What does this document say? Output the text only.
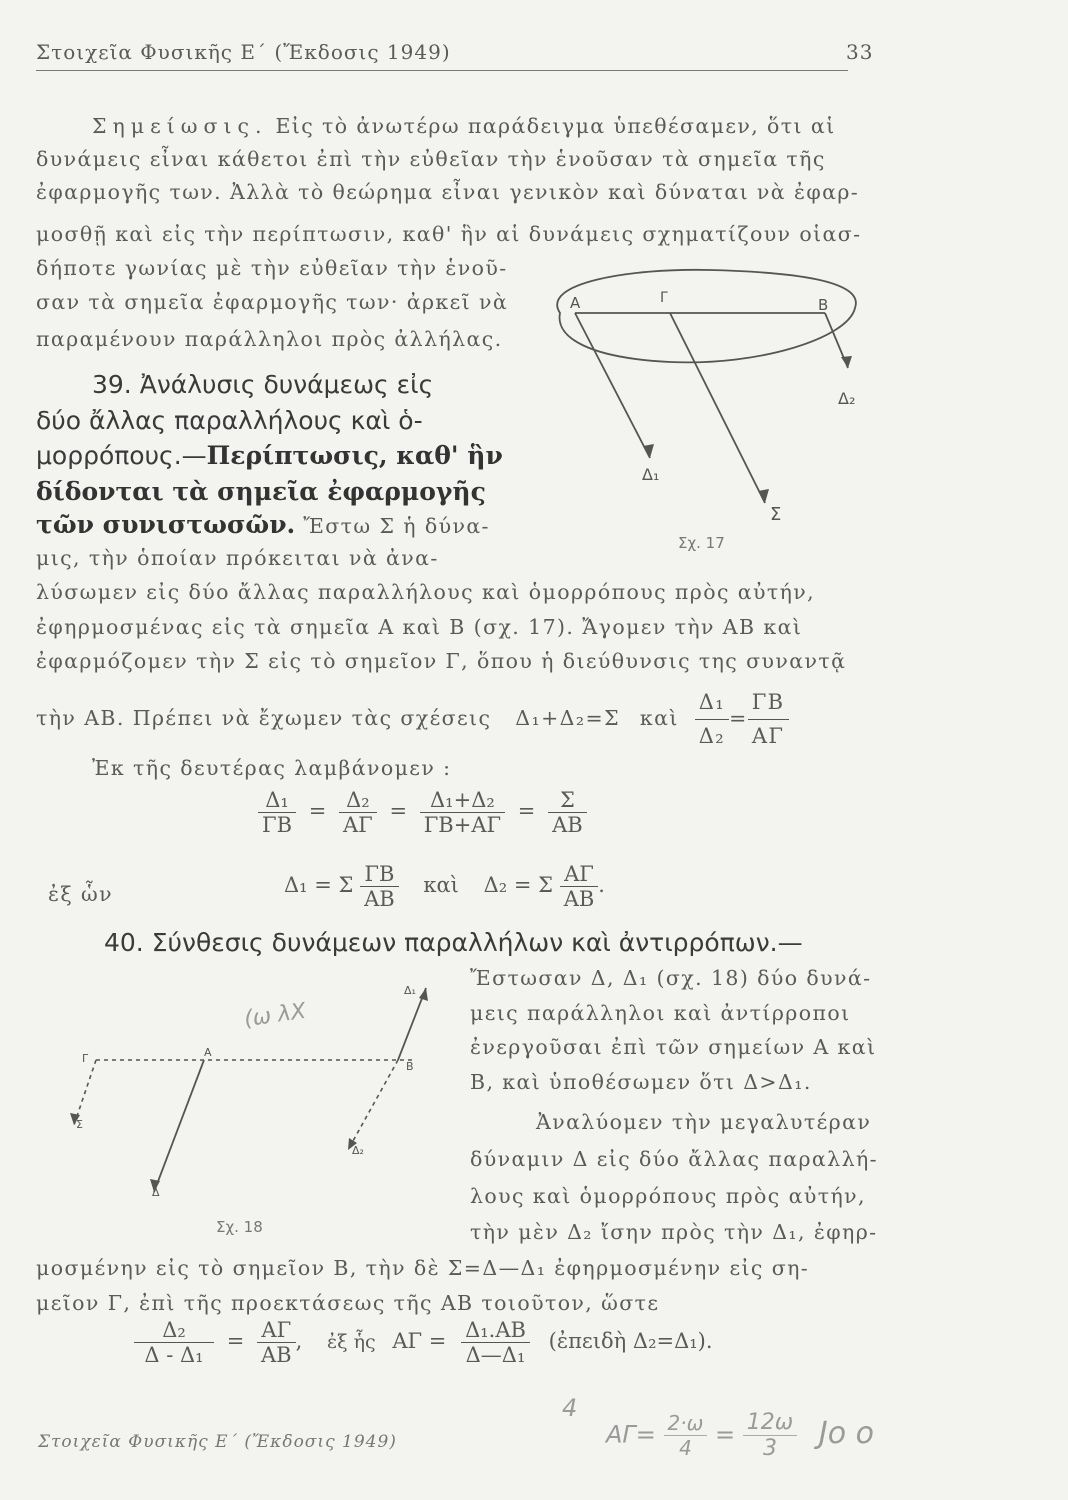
Στοιχεῖα Φυσικῆς Ε΄ (Ἔκδοσις 1949)	33
Σημείωσις. Εἰς τὸ ἀνωτέρω παράδειγμα ὑπεθέσαμεν, ὅτι αἱ
δυνάμεις εἶναι κάθετοι ἐπὶ τὴν εὐθεῖαν τὴν ἑνοῦσαν τὰ σημεῖα τῆς
ἐφαρμογῆς των. Ἀλλὰ τὸ θεώρημα εἶναι γενικὸν καὶ δύναται νὰ ἐφαρ-
μοσθῇ καὶ εἰς τὴν περίπτωσιν, καθ' ἣν αἱ δυνάμεις σχηματίζουν οἱασ-
δήποτε γωνίας μὲ τὴν εὐθεῖαν τὴν ἑνοῦ-
σαν τὰ σημεῖα ἐφαρμογῆς των· ἀρκεῖ νὰ
παραμένουν παράλληλοι πρὸς ἀλλήλας.
39. Ἀνάλυσις δυνάμεως εἰς
δύο ἄλλας παραλλήλους καὶ ὁ-
μορρόπους.—Περίπτωσις, καθ' ἣν
δίδονται τὰ σημεῖα ἐφαρμογῆς
τῶν συνιστωσῶν. Ἔστω Σ ἡ δύνα-
μις, τὴν ὁποίαν πρόκειται νὰ ἀνα-
λύσωμεν εἰς δύο ἄλλας παραλλήλους καὶ ὁμορρόπους πρὸς αὐτήν,
ἐφηρμοσμένας εἰς τὰ σημεῖα Α καὶ Β (σχ. 17). Ἄγομεν τὴν ΑΒ καὶ
ἐφαρμόζομεν τὴν Σ εἰς τὸ σημεῖον Γ, ὅπου ἡ διεύθυνσις της συναντᾷ
τὴν ΑΒ. Πρέπει νὰ ἔχωμεν τὰς σχέσεις Δ₁+Δ₂=Σ καὶ $\frac{\text{Δ₁}}{\text{Δ₂}} = \frac{\Gamma B}{A\Gamma}$
Ἐκ τῆς δευτέρας λαμβάνομεν :
$\frac{\text{Δ₁}}{\Gamma B} = \frac{\text{Δ₂}}{A\Gamma} = \frac{\text{Δ₁+Δ₂}}{\Gamma B+A\Gamma} = \frac{\Sigma}{AB}$
ἐξ ὧν	Δ₁ = Σ $\frac{\Gamma B}{AB}$ καὶ Δ₂ = Σ $\frac{A\Gamma}{AB}$ .
40. Σύνθεσις δυνάμεων παραλλήλων καὶ ἀντιρρόπων.—
Ἔστωσαν Δ, Δ₁ (σχ. 18) δύο δυνά-
μεις παράλληλοι καὶ ἀντίρροποι
ἐνεργοῦσαι ἐπὶ τῶν σημείων Α καὶ
Β, καὶ ὑποθέσωμεν ὅτι Δ>Δ₁.
Ἀναλύομεν τὴν μεγαλυτέραν
δύναμιν Δ εἰς δύο ἄλλας παραλλή-
λους καὶ ὁμορρόπους πρὸς αὐτήν,
τὴν μὲν Δ₂ ἴσην πρὸς τὴν Δ₁, ἐφηρ-
μοσμένην εἰς τὸ σημεῖον Β, τὴν δὲ Σ=Δ—Δ₁ ἐφηρμοσμένην εἰς ση-
μεῖον Γ, ἐπὶ τῆς προεκτάσεως τῆς ΑΒ τοιοῦτον, ὥστε
$\frac{\text{Δ₂}}{\text{Δ - Δ₁}} = \frac{A\Gamma}{AB}$ , ἐξ ἧς $A\Gamma = \frac{\text{Δ₁.ΑΒ}}{\text{Δ—Δ₁}}$ (ἐπειδὴ Δ₂=Δ₁).
Στοιχεῖα Φυσικῆς Ε΄ (Ἔκδοσις 1949)
(ω λΧ
4
$A\Gamma= \frac{2\cdot\omega}{4} = \frac{12\omega}{3}$ Jo o
Α	Γ	Β
Δ₁
Δ₂
Σ
Σχ. 17
Γ	Α
Β
Δ₁
Σ
Δ₂
Δ
Σχ. 18
